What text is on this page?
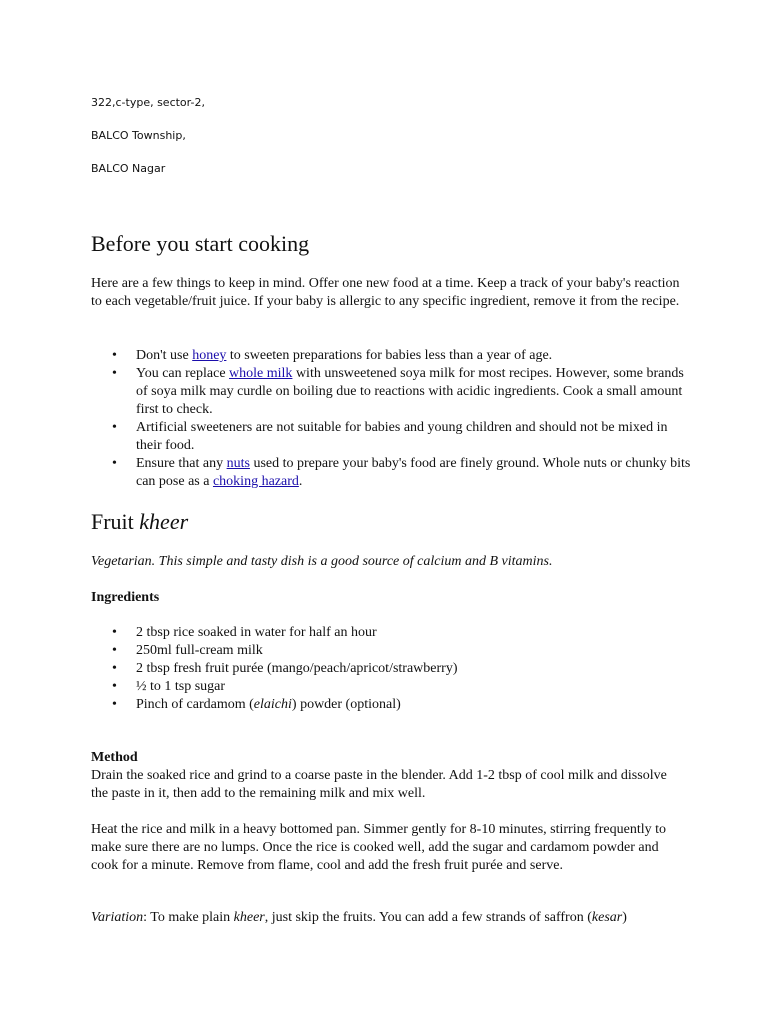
322,c-type, sector-2,
BALCO Township,
BALCO Nagar
Before you start cooking

Here are a few things to keep in mind. Offer one new food at a time. Keep a track of your baby's reaction to each vegetable/fruit juice. If your baby is allergic to any specific ingredient, remove it from the recipe.

• Don't use honey to sweeten preparations for babies less than a year of age.
• You can replace whole milk with unsweetened soya milk for most recipes. However, some brands of soya milk may curdle on boiling due to reactions with acidic ingredients. Cook a small amount first to check.
• Artificial sweeteners are not suitable for babies and young children and should not be mixed in their food.
• Ensure that any nuts used to prepare your baby's food are finely ground. Whole nuts or chunky bits can pose as a choking hazard.
Fruit kheer

Vegetarian. This simple and tasty dish is a good source of calcium and B vitamins.

Ingredients

• 2 tbsp rice soaked in water for half an hour
• 250ml full-cream milk
• 2 tbsp fresh fruit purée (mango/peach/apricot/strawberry)
• ½ to 1 tsp sugar
• Pinch of cardamom (elaichi) powder (optional)

Method

Drain the soaked rice and grind to a coarse paste in the blender. Add 1-2 tbsp of cool milk and dissolve the paste in it, then add to the remaining milk and mix well.

Heat the rice and milk in a heavy bottomed pan. Simmer gently for 8-10 minutes, stirring frequently to make sure there are no lumps. Once the rice is cooked well, add the sugar and cardamom powder and cook for a minute. Remove from flame, cool and add the fresh fruit purée and serve.

Variation: To make plain kheer, just skip the fruits. You can add a few strands of saffron (kesar)
